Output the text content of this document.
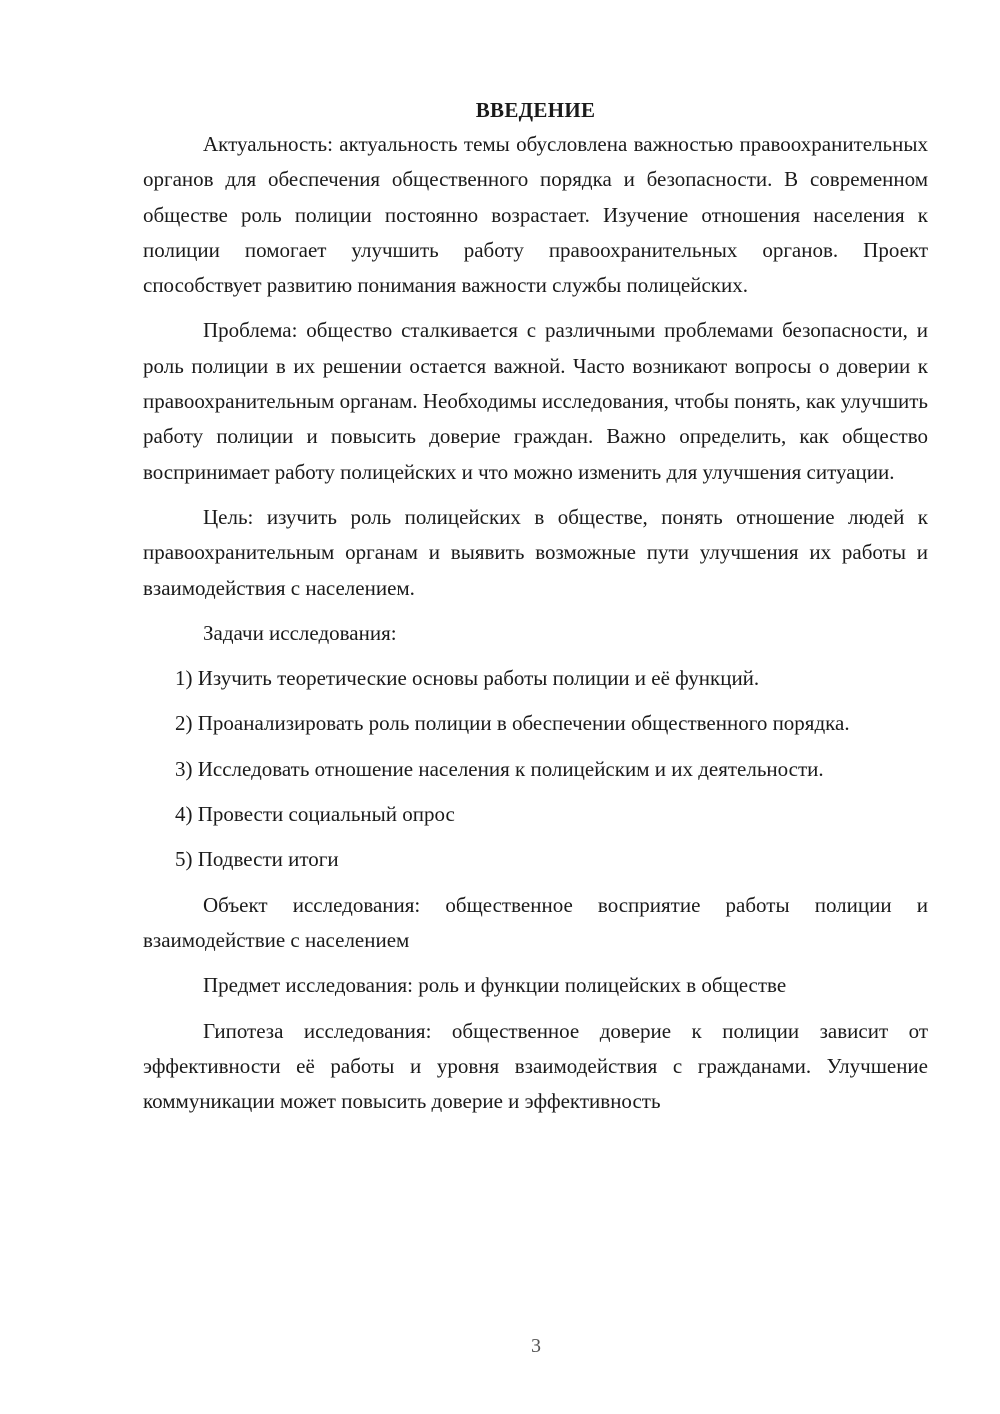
ВВЕДЕНИЕ

Актуальность: актуальность темы обусловлена важностью правоохранительных органов для обеспечения общественного порядка и безопасности. В современном обществе роль полиции постоянно возрастает. Изучение отношения населения к полиции помогает улучшить работу правоохранительных органов. Проект способствует развитию понимания важности службы полицейских.

Проблема: общество сталкивается с различными проблемами безопасности, и роль полиции в их решении остается важной. Часто возникают вопросы о доверии к правоохранительным органам. Необходимы исследования, чтобы понять, как улучшить работу полиции и повысить доверие граждан. Важно определить, как общество воспринимает работу полицейских и что можно изменить для улучшения ситуации.

Цель: изучить роль полицейских в обществе, понять отношение людей к правоохранительным органам и выявить возможные пути улучшения их работы и взаимодействия с населением.

Задачи исследования:

1) Изучить теоретические основы работы полиции и её функций.

2) Проанализировать роль полиции в обеспечении общественного порядка.

3) Исследовать отношение населения к полицейским и их деятельности.

4) Провести социальный опрос

5) Подвести итоги

Объект исследования: общественное восприятие работы полиции и взаимодействие с населением

Предмет исследования: роль и функции полицейских в обществе

Гипотеза исследования: общественное доверие к полиции зависит от эффективности её работы и уровня взаимодействия с гражданами. Улучшение коммуникации может повысить доверие и эффективность

3
